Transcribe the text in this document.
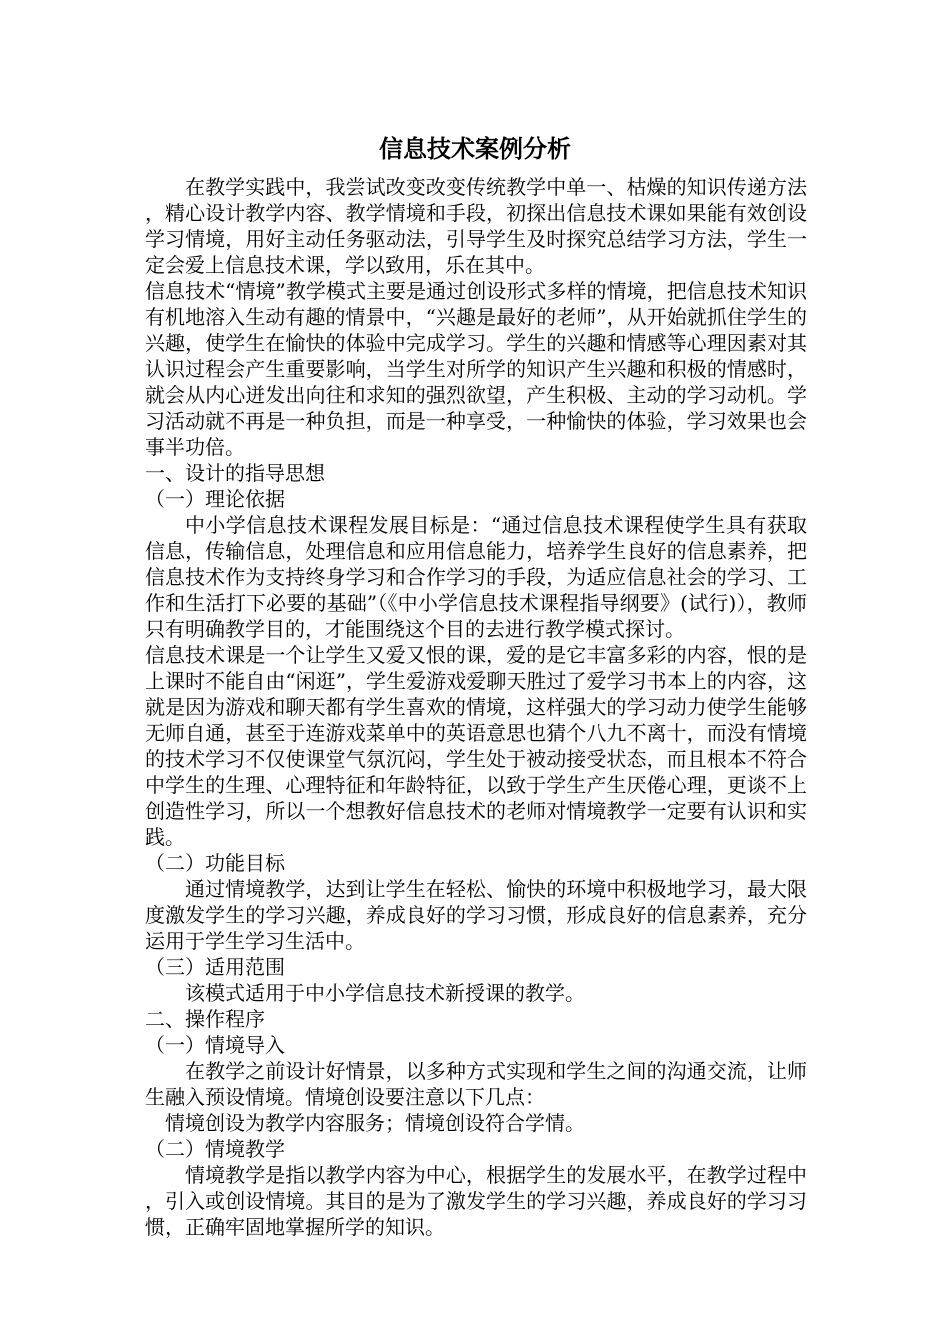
信息技术案例分析

在教学实践中，我尝试改变改变传统教学中单一、枯燥的知识传递方法，精心设计教学内容、教学情境和手段，初探出信息技术课如果能有效创设学习情境，用好主动任务驱动法，引导学生及时探究总结学习方法，学生一定会爱上信息技术课，学以致用，乐在其中。

信息技术“情境”教学模式主要是通过创设形式多样的情境，把信息技术知识有机地溶入生动有趣的情景中，“兴趣是最好的老师”，从开始就抓住学生的兴趣，使学生在愉快的体验中完成学习。学生的兴趣和情感等心理因素对其认识过程会产生重要影响，当学生对所学的知识产生兴趣和积极的情感时，就会从内心迸发出向往和求知的强烈欲望，产生积极、主动的学习动机。学习活动就不再是一种负担，而是一种享受，一种愉快的体验，学习效果也会事半功倍。

一、设计的指导思想

（一）理论依据

中小学信息技术课程发展目标是：“通过信息技术课程使学生具有获取信息，传输信息，处理信息和应用信息能力，培养学生良好的信息素养，把信息技术作为支持终身学习和合作学习的手段，为适应信息社会的学习、工作和生活打下必要的基础”（《中小学信息技术课程指导纲要》(试行)），教师只有明确教学目的，才能围绕这个目的去进行教学模式探讨。

信息技术课是一个让学生又爱又恨的课，爱的是它丰富多彩的内容，恨的是上课时不能自由“闲逛”，学生爱游戏爱聊天胜过了爱学习书本上的内容，这就是因为游戏和聊天都有学生喜欢的情境，这样强大的学习动力使学生能够无师自通，甚至于连游戏菜单中的英语意思也猜个八九不离十，而没有情境的技术学习不仅使课堂气氛沉闷，学生处于被动接受状态，而且根本不符合中学生的生理、心理特征和年龄特征，以致于学生产生厌倦心理，更谈不上创造性学习，所以一个想教好信息技术的老师对情境教学一定要有认识和实践。

（二）功能目标

通过情境教学，达到让学生在轻松、愉快的环境中积极地学习，最大限度激发学生的学习兴趣，养成良好的学习习惯，形成良好的信息素养，充分运用于学生学习生活中。

（三）适用范围

该模式适用于中小学信息技术新授课的教学。

二、操作程序

（一）情境导入

在教学之前设计好情景，以多种方式实现和学生之间的沟通交流，让师生融入预设情境。情境创设要注意以下几点：

情境创设为教学内容服务；情境创设符合学情。

（二）情境教学

情境教学是指以教学内容为中心，根据学生的发展水平，在教学过程中，引入或创设情境。其目的是为了激发学生的学习兴趣，养成良好的学习习惯，正确牢固地掌握所学的知识。
